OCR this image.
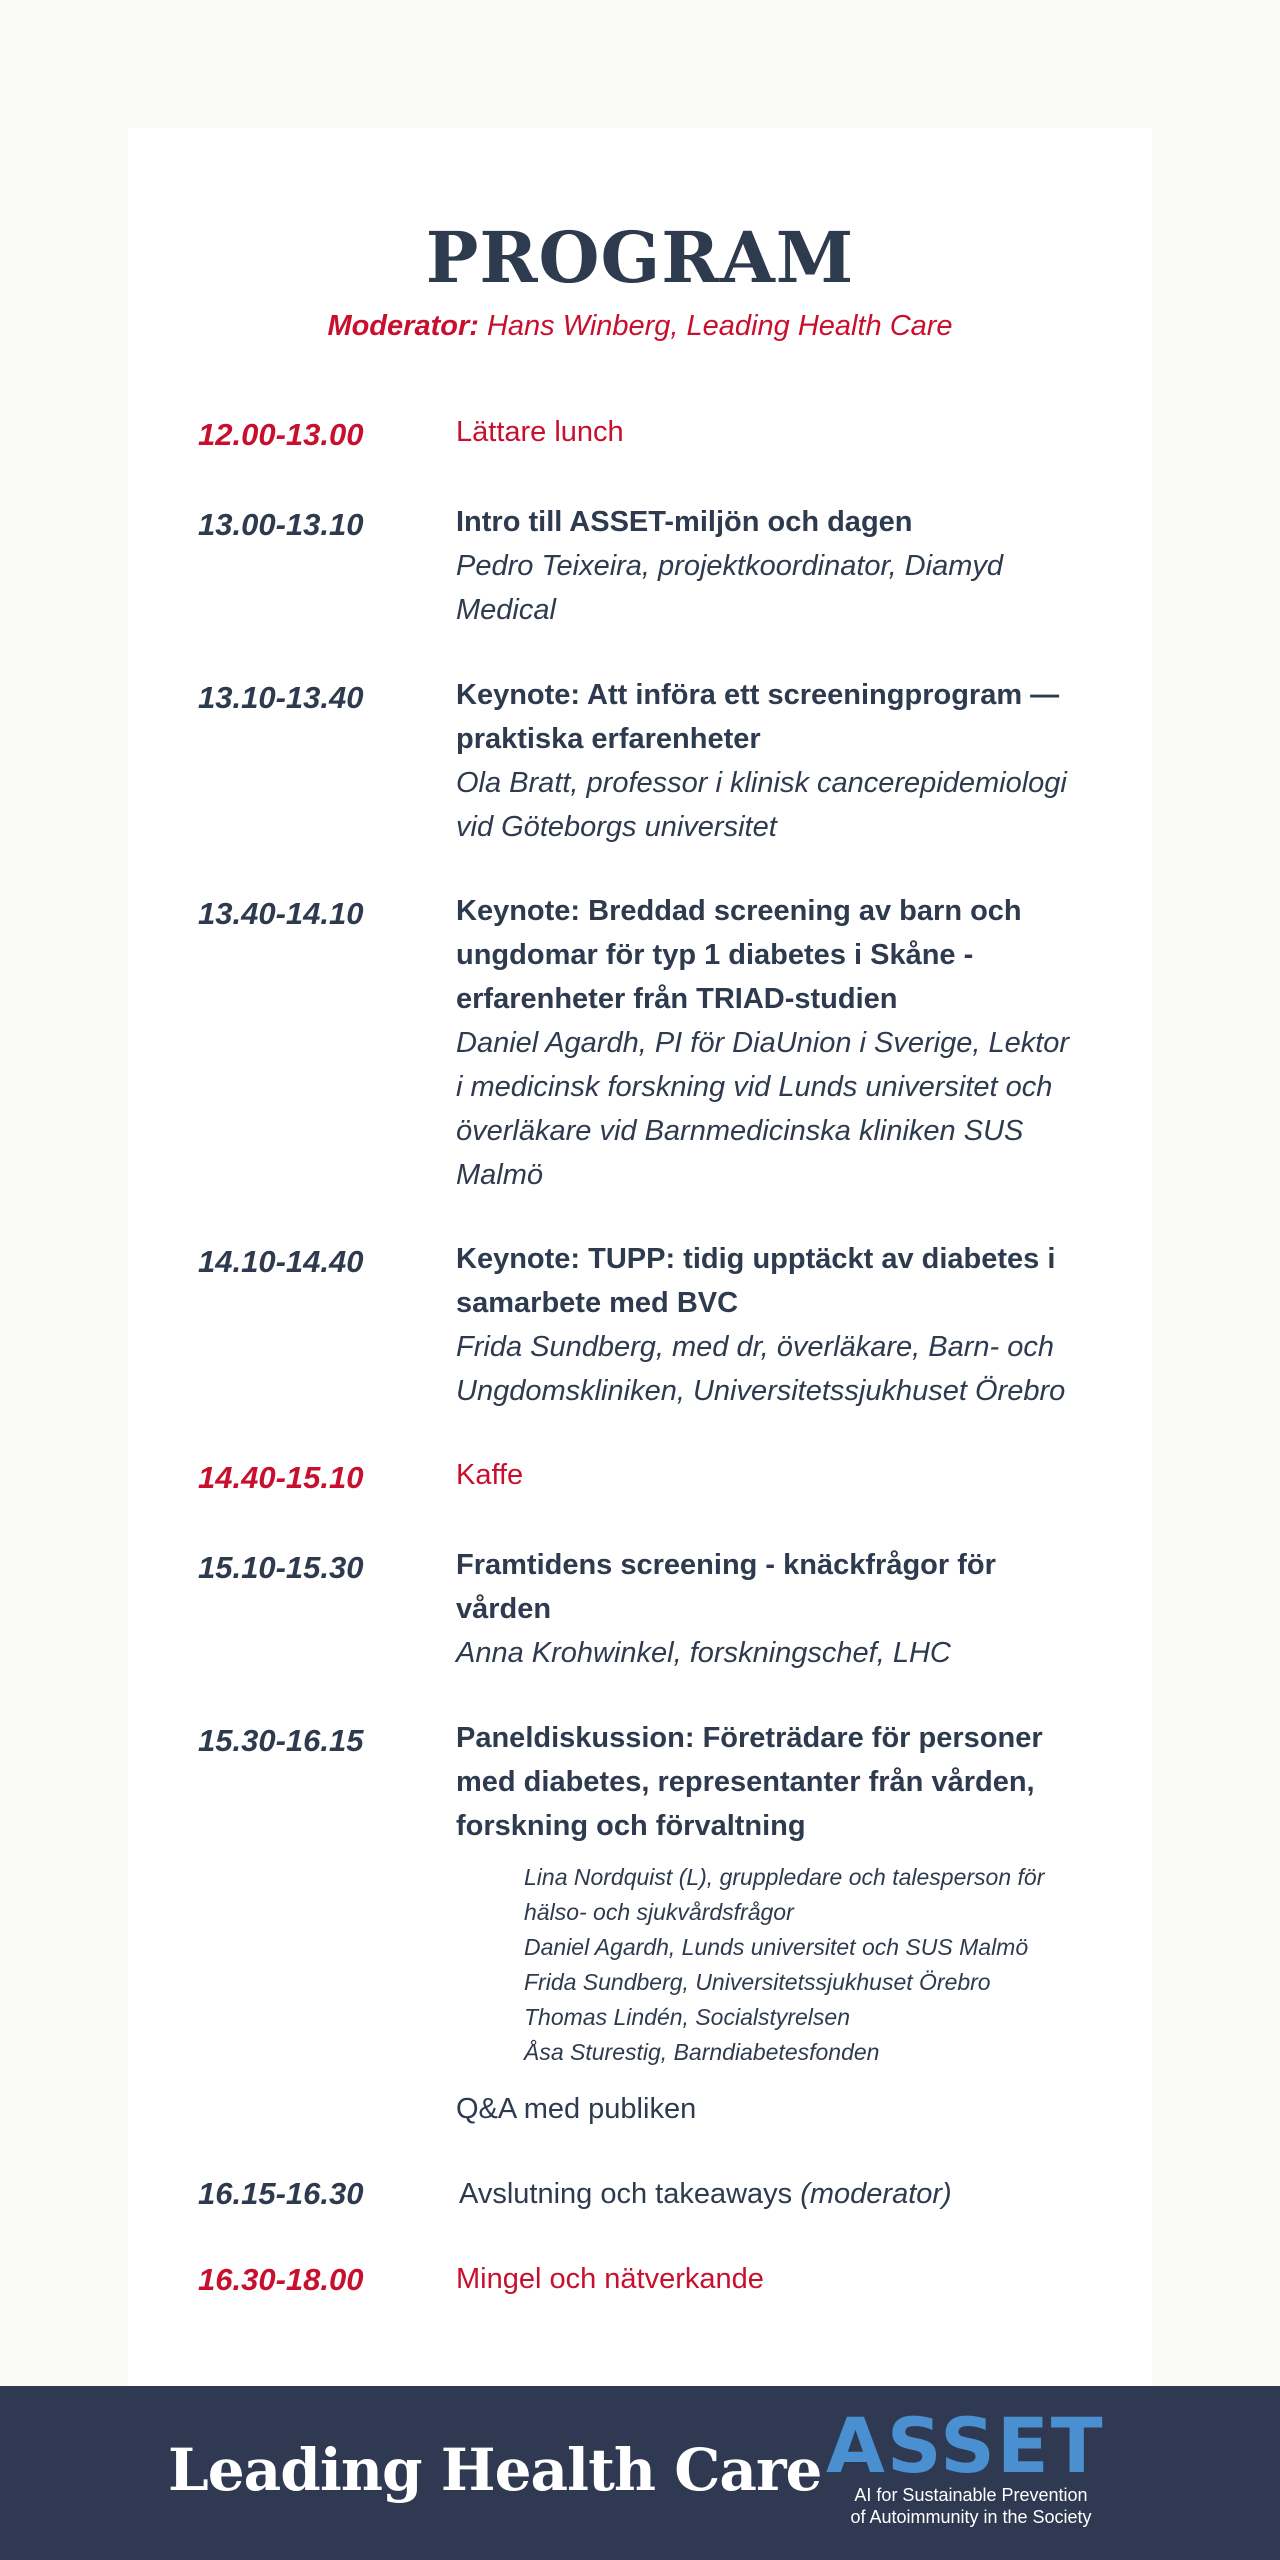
PROGRAM
Moderator: Hans Winberg, Leading Health Care
12.00-13.00	Lättare lunch
13.00-13.10	Intro till ASSET-miljön och dagen
Pedro Teixeira, projektkoordinator, Diamyd Medical
13.10-13.40	Keynote: Att införa ett screeningprogram — praktiska erfarenheter
Ola Bratt, professor i klinisk cancerepidemiologi vid Göteborgs universitet
13.40-14.10	Keynote: Breddad screening av barn och ungdomar för typ 1 diabetes i Skåne - erfarenheter från TRIAD-studien
Daniel Agardh, PI för DiaUnion i Sverige, Lektor i medicinsk forskning vid Lunds universitet och överläkare vid Barnmedicinska kliniken SUS Malmö
14.10-14.40	Keynote: TUPP: tidig upptäckt av diabetes i samarbete med BVC
Frida Sundberg, med dr, överläkare, Barn- och Ungdomskliniken, Universitetssjukhuset Örebro
14.40-15.10	Kaffe
15.10-15.30	Framtidens screening - knäckfrågor för vården
Anna Krohwinkel, forskningschef, LHC
15.30-16.15	Paneldiskussion: Företrädare för personer med diabetes, representanter från vården, forskning och förvaltning
Lina Nordquist (L), gruppledare och talesperson för hälso- och sjukvårdsfrågor
Daniel Agardh, Lunds universitet och SUS Malmö
Frida Sundberg, Universitetssjukhuset Örebro
Thomas Lindén, Socialstyrelsen
Åsa Sturestig, Barndiabetesfonden
Q&A med publiken
16.15-16.30	Avslutning och takeaways (moderator)
16.30-18.00	Mingel och nätverkande
Leading Health Care ASSET
AI for Sustainable Prevention
of Autoimmunity in the Society
